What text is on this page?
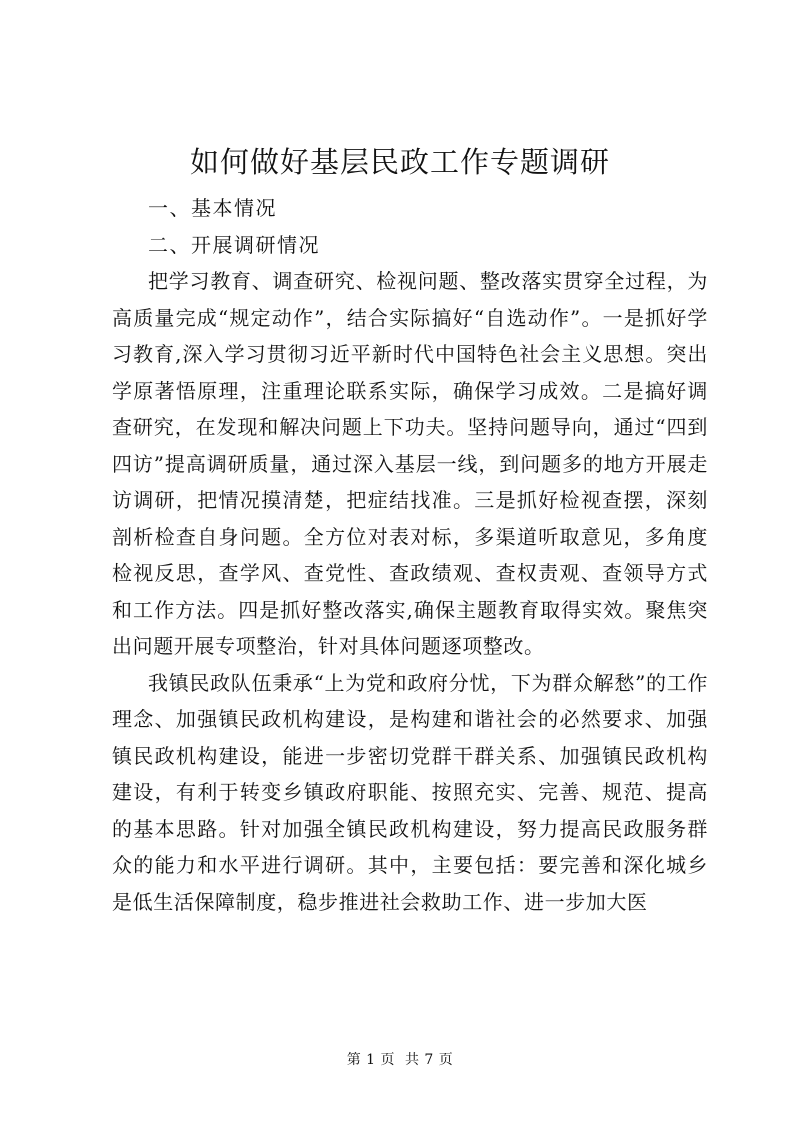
如何做好基层民政工作专题调研

一、基本情况

二、开展调研情况

把学习教育、调查研究、检视问题、整改落实贯穿全过程，为高质量完成“规定动作”，结合实际搞好“自选动作”。一是抓好学习教育,深入学习贯彻习近平新时代中国特色社会主义思想。突出学原著悟原理，注重理论联系实际，确保学习成效。二是搞好调查研究，在发现和解决问题上下功夫。坚持问题导向，通过“四到四访”提高调研质量，通过深入基层一线，到问题多的地方开展走访调研，把情况摸清楚，把症结找准。三是抓好检视查摆，深刻剖析检查自身问题。全方位对表对标，多渠道听取意见，多角度检视反思，查学风、查党性、查政绩观、查权责观、查领导方式和工作方法。四是抓好整改落实,确保主题教育取得实效。聚焦突出问题开展专项整治，针对具体问题逐项整改。

我镇民政队伍秉承“上为党和政府分忧，下为群众解愁”的工作理念、加强镇民政机构建设，是构建和谐社会的必然要求、加强镇民政机构建设，能进一步密切党群干群关系、加强镇民政机构建设，有利于转变乡镇政府职能、按照充实、完善、规范、提高的基本思路。针对加强全镇民政机构建设，努力提高民政服务群众的能力和水平进行调研。其中，主要包括：要完善和深化城乡是低生活保障制度，稳步推进社会救助工作、进一步加大医

第 1 页  共 7 页
